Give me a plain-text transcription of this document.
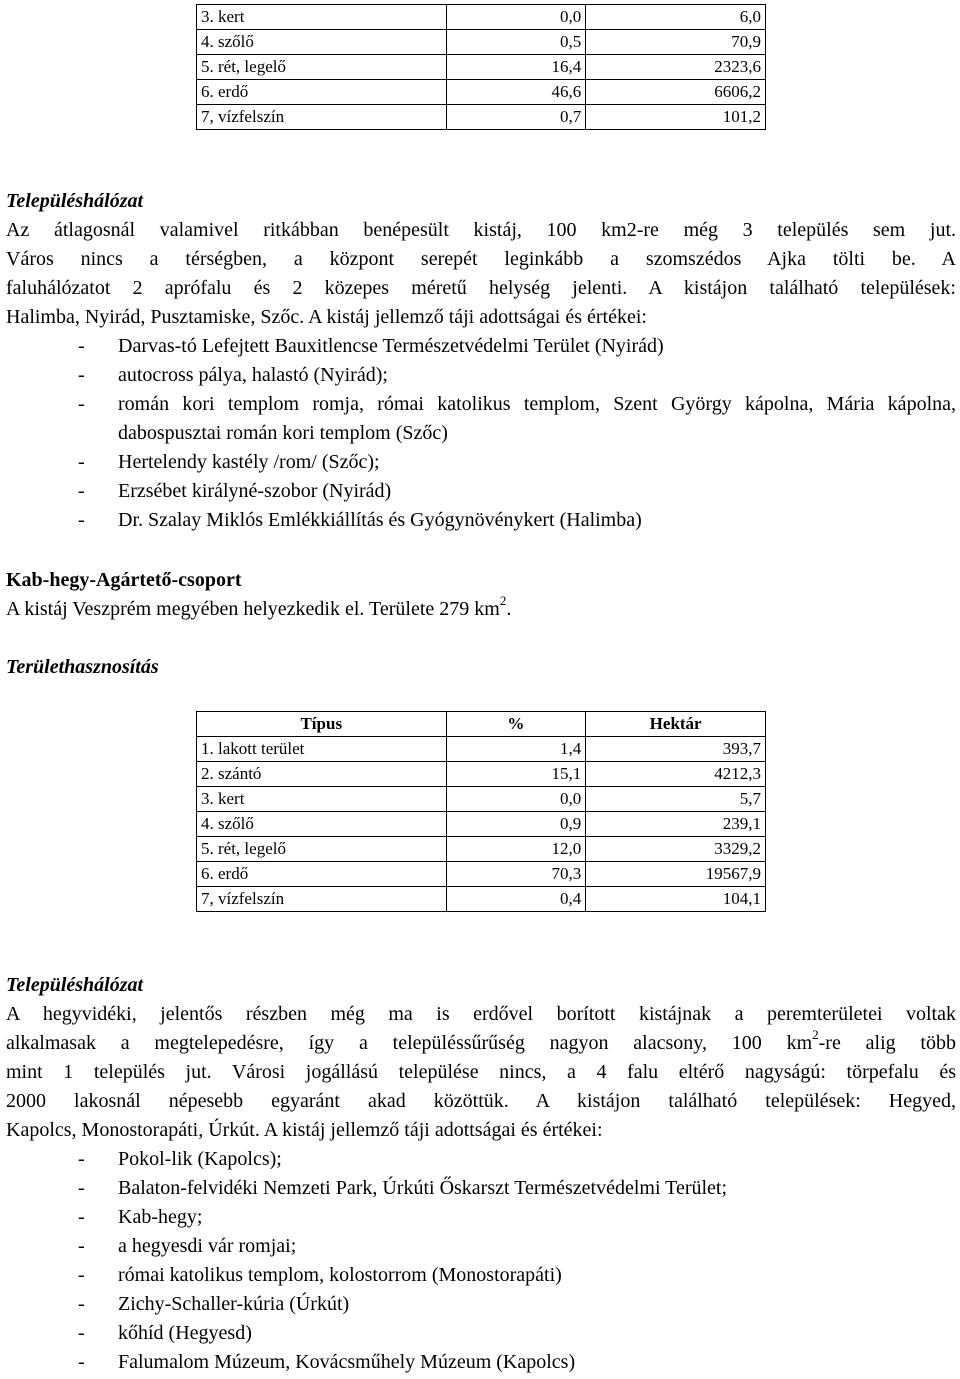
3. kert	0,0	6,0
4. szőlő	0,5	70,9
5. rét, legelő	16,4	2323,6
6. erdő	46,6	6606,2
7, vízfelszín	0,7	101,2
Településhálózat
Az átlagosnál valamivel ritkábban benépesült kistáj, 100 km2-re még 3 település sem jut.
Város nincs a térségben, a központ serepét leginkább a szomszédos Ajka tölti be. A
faluhálózatot 2 aprófalu és 2 közepes méretű helység jelenti. A kistájon található települések:
Halimba, Nyirád, Pusztamiske, Szőc. A kistáj jellemző táji adottságai és értékei:
- Darvas-tó Lefejtett Bauxitlencse Természetvédelmi Terület (Nyirád)
- autocross pálya, halastó (Nyirád);
- román kori templom romja, római katolikus templom, Szent György kápolna, Mária kápolna, dabospusztai román kori templom (Szőc)
- Hertelendy kastély /rom/ (Szőc);
- Erzsébet királyné-szobor (Nyirád)
- Dr. Szalay Miklós Emlékkiállítás és Gyógynövénykert (Halimba)
Kab-hegy-Agártető-csoport
A kistáj Veszprém megyében helyezkedik el. Területe 279 $km^2$.
Területhasznosítás
Típus	%	Hektár
1. lakott terület	1,4	393,7
2. szántó	15,1	4212,3
3. kert	0,0	5,7
4. szőlő	0,9	239,1
5. rét, legelő	12,0	3329,2
6. erdő	70,3	19567,9
7, vízfelszín	0,4	104,1
Településhálózat
A hegyvidéki, jelentős részben még ma is erdővel borított kistájnak a peremterületei voltak
alkalmasak a megtelepedésre, így a településsűrűség nagyon alacsony, 100 $km^2-re$ alig több
mint 1 település jut. Városi jogállású települése nincs, a 4 falu eltérő nagyságú: törpefalu és
2000 lakosnál népesebb egyaránt akad közöttük. A kistájon található települések: Hegyed,
Kapolcs, Monostorapáti, Úrkút. A kistáj jellemző táji adottságai és értékei:
- Pokol-lik (Kapolcs);
- Balaton-felvidéki Nemzeti Park, Úrkúti Őskarszt Természetvédelmi Terület;
- Kab-hegy;
- a hegyesdi vár romjai;
- római katolikus templom, kolostorrom (Monostorapáti)
- Zichy-Schaller-kúria (Úrkút)
- kőhíd (Hegyesd)
- Falumalom Múzeum, Kovácsműhely Múzeum (Kapolcs)
